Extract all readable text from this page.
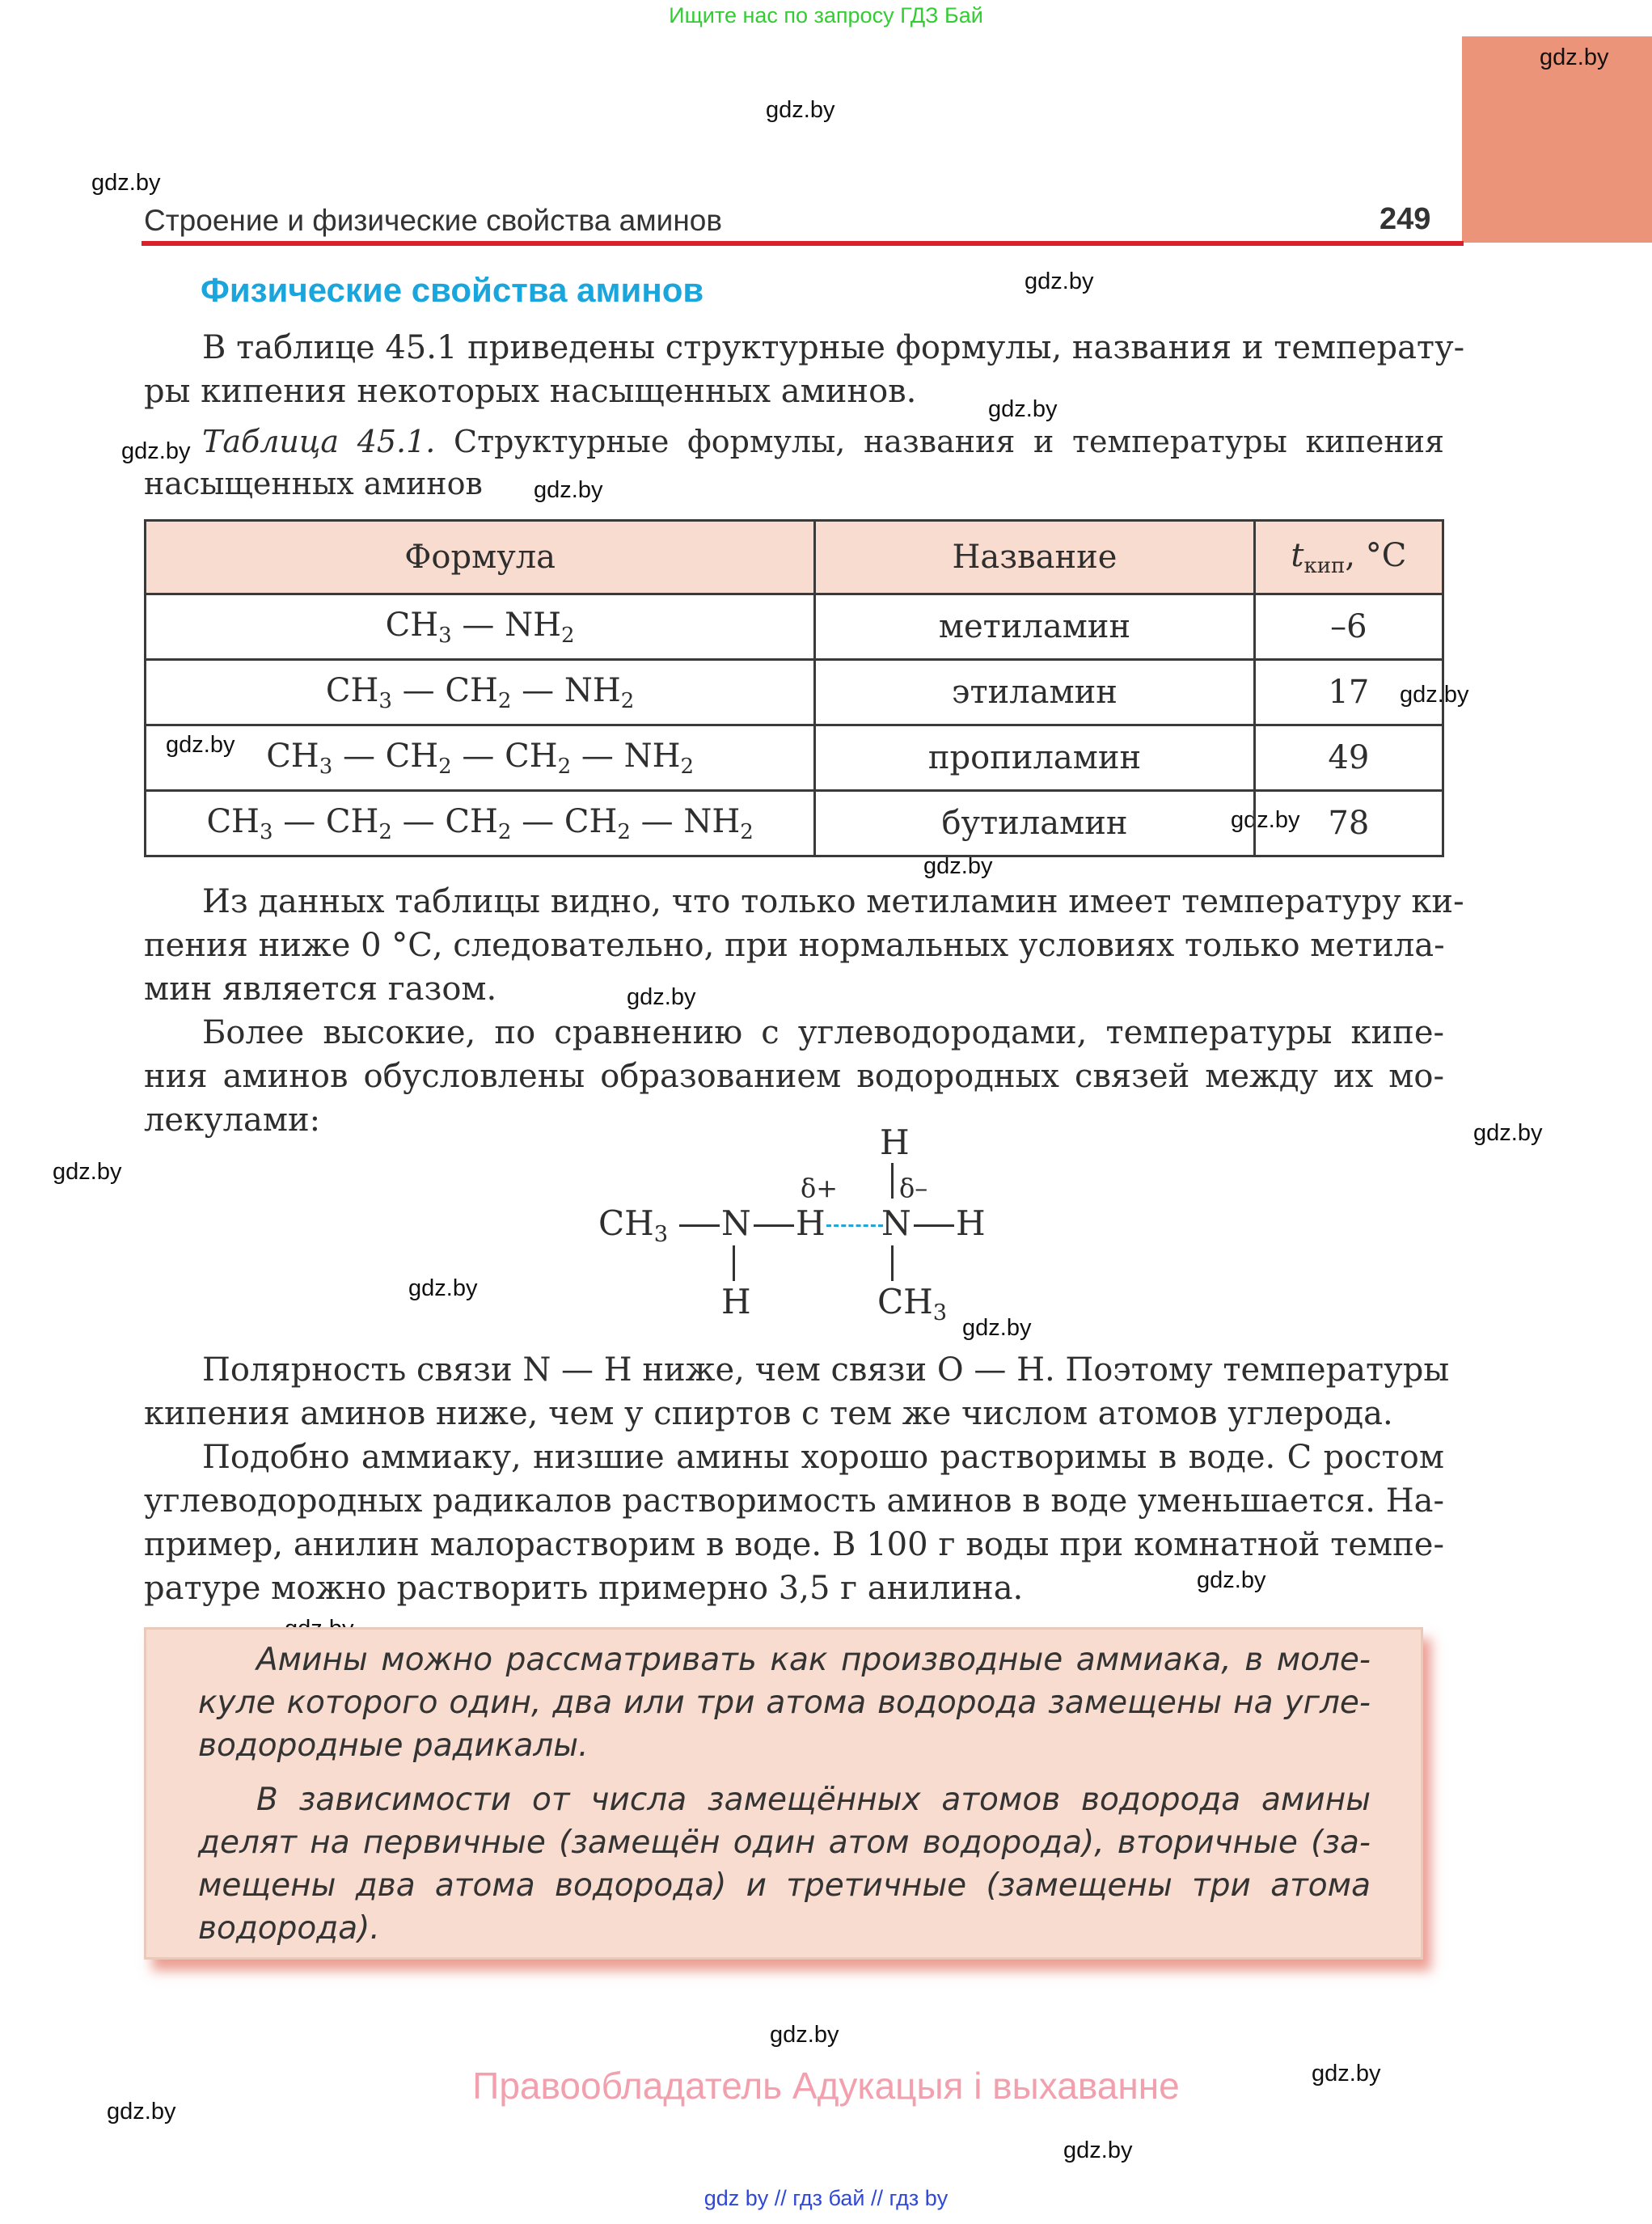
Ищите нас по запросу ГДЗ Бай
gdz.by
gdz.by
gdz.by
gdz.by
gdz.by
gdz.by
gdz.by
gdz.by
gdz.by
gdz.by
gdz.by
gdz.by
gdz.by
gdz.by
gdz.by
gdz.by
gdz.by
gdz.by
gdz.by
gdz.by
gdz.by
Строение и физические свойства аминов	249
Физические свойства аминов
В таблице 45.1 приведены структурные формулы, названия и температу-
ры кипения некоторых насыщенных аминов.
Таблица 45.1. Структурные формулы, названия и температуры кипения
насыщенных аминов
Формула	Название	$t_{кип}$, °C
$CH_3$ — $NH_2$	метиламин	–6
$CH_3$ — $CH_2$ — $NH_2$	этиламин	17
$CH_3$ — $CH_2$ — $CH_2$ — $NH_2$	пропиламин	49
$CH_3$ — $CH_2$ — $CH_2$ — $CH_2$ — $NH_2$	бутиламин	78
Из данных таблицы видно, что только метиламин имеет температуру ки-
пения ниже 0 °С, следовательно, при нормальных условиях только метила-
мин является газом.
Более высокие, по сравнению с углеводородами, температуры кипе-
ния аминов обусловлены образованием водородных связей между их мо-
лекулами:
$CH_3$ N H
δ+
N
δ–
H
H
H	$CH_3$
Полярность связи N — H ниже, чем связи O — H. Поэтому температуры
кипения аминов ниже, чем у спиртов с тем же числом атомов углерода.
Подобно аммиаку, низшие амины хорошо растворимы в воде. С ростом
углеводородных радикалов растворимость аминов в воде уменьшается. На-
пример, анилин малорастворим в воде. В 100 г воды при комнатной темпе-
ратуре можно растворить примерно 3,5 г анилина.
Амины можно рассматривать как производные аммиака, в моле-
куле которого один, два или три атома водорода замещены на угле-
водородные радикалы.
В зависимости от числа замещённых атомов водорода амины
делят на первичные (замещён один атом водорода), вторичные (за-
мещены два атома водорода) и третичные (замещены три атома
водорода).
Правообладатель Адукацыя і выхаванне
gdz by // гдз бай // гдз by
